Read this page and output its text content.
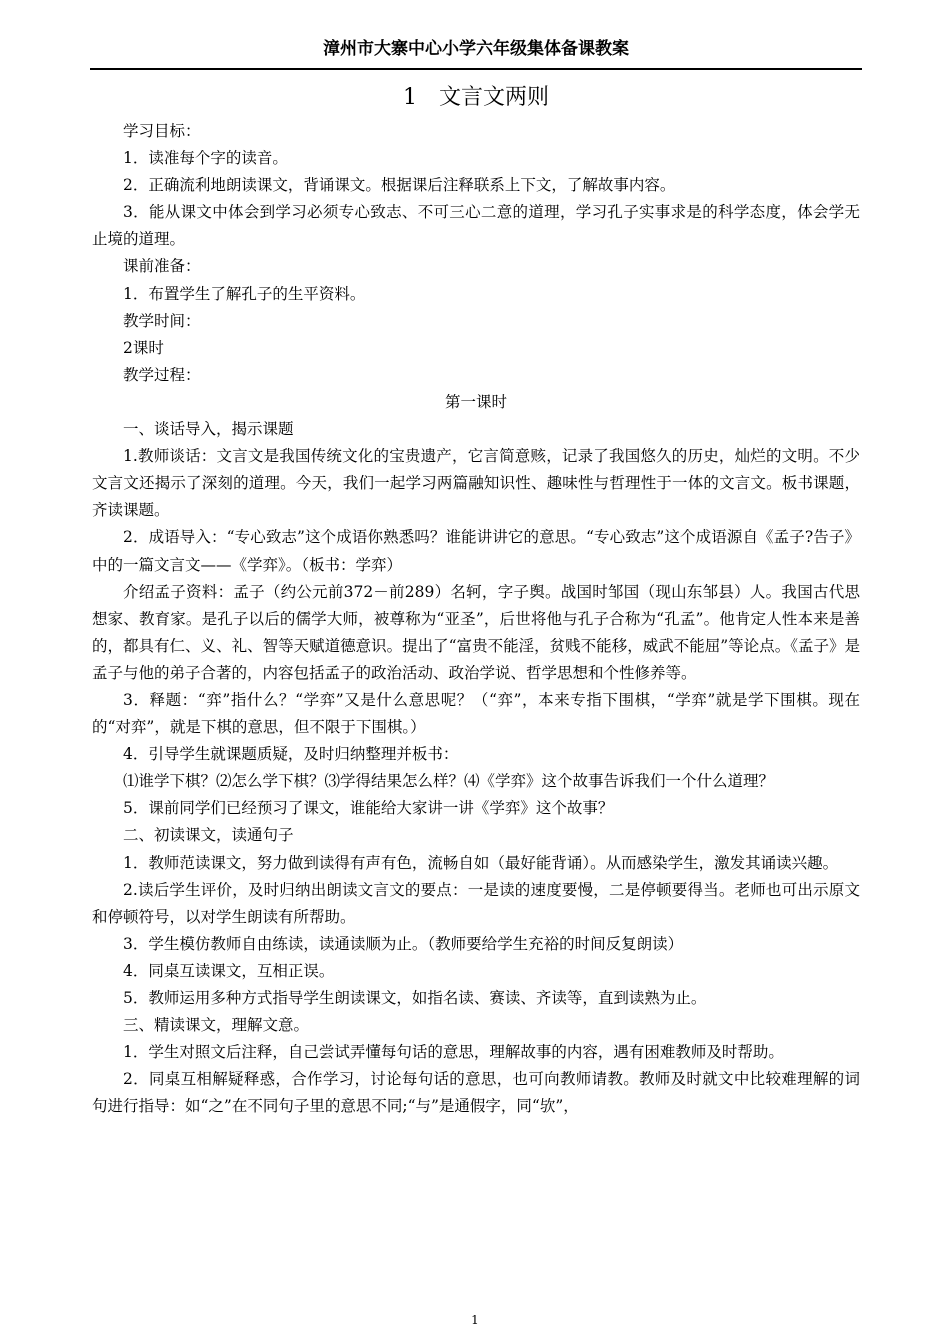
漳州市大寨中心小学六年级集体备课教案
1　文言文两则

学习目标：

1．读准每个字的读音。

2．正确流利地朗读课文，背诵课文。根据课后注释联系上下文，了解故事内容。

3．能从课文中体会到学习必须专心致志、不可三心二意的道理，学习孔子实事求是的科学态度，体会学无止境的道理。

课前准备：

1．布置学生了解孔子的生平资料。

教学时间：

2课时

教学过程：

第一课时

一、谈话导入，揭示课题

1.教师谈话：文言文是我国传统文化的宝贵遗产，它言简意赅，记录了我国悠久的历史，灿烂的文明。不少文言文还揭示了深刻的道理。今天，我们一起学习两篇融知识性、趣味性与哲理性于一体的文言文。板书课题，齐读课题。

2．成语导入：“专心致志”这个成语你熟悉吗？谁能讲讲它的意思。“专心致志”这个成语源自《孟子?告子》中的一篇文言文——《学弈》。（板书：学弈）

介绍孟子资料：孟子（约公元前372－前289）名轲，字子舆。战国时邹国（现山东邹县）人。我国古代思想家、教育家。是孔子以后的儒学大师，被尊称为“亚圣”，后世将他与孔子合称为“孔孟”。他肯定人性本来是善的，都具有仁、义、礼、智等天赋道德意识。提出了“富贵不能淫，贫贱不能移，威武不能屈”等论点。《孟子》是孟子与他的弟子合著的，内容包括孟子的政治活动、政治学说、哲学思想和个性修养等。

3．释题：“弈”指什么？“学弈”又是什么意思呢？（“弈”，本来专指下围棋，“学弈”就是学下围棋。现在的“对弈”，就是下棋的意思，但不限于下围棋。）

4．引导学生就课题质疑，及时归纳整理并板书：

⑴谁学下棋？⑵怎么学下棋？⑶学得结果怎么样？⑷《学弈》这个故事告诉我们一个什么道理？

5．课前同学们已经预习了课文，谁能给大家讲一讲《学弈》这个故事？

二、初读课文，读通句子

1．教师范读课文，努力做到读得有声有色，流畅自如（最好能背诵）。从而感染学生，激发其诵读兴趣。

2.读后学生评价，及时归纳出朗读文言文的要点：一是读的速度要慢，二是停顿要得当。老师也可出示原文和停顿符号，以对学生朗读有所帮助。

3．学生模仿教师自由练读，读通读顺为止。（教师要给学生充裕的时间反复朗读）

4．同桌互读课文，互相正误。

5．教师运用多种方式指导学生朗读课文，如指名读、赛读、齐读等，直到读熟为止。

三、精读课文，理解文意。

1．学生对照文后注释，自己尝试弄懂每句话的意思，理解故事的内容，遇有困难教师及时帮助。

2．同桌互相解疑释惑，合作学习，讨论每句话的意思，也可向教师请教。教师及时就文中比较难理解的词句进行指导：如“之”在不同句子里的意思不同;“与”是通假字，同“欤”，

1
